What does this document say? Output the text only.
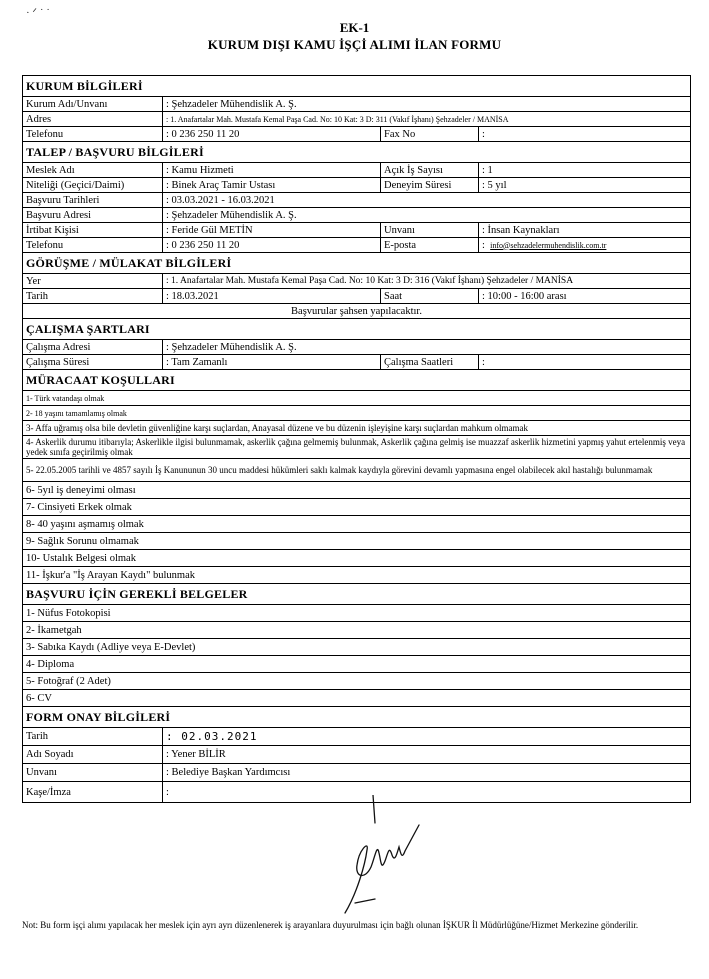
· ᐟ ˙ ˙
EK-1
KURUM DIŞI KAMU İŞÇİ ALIMI İLAN FORMU
KURUM BİLGİLERİ			
Kurum Adı/Unvanı	: Şehzadeler Mühendislik A. Ş.		
Adres	: 1. Anafartalar Mah. Mustafa Kemal Paşa Cad. No: 10 Kat: 3 D: 311 (Vakıf İşhanı) Şehzadeler / MANİSA		
Telefonu	: 0 236 250 11 20	Fax No	:
TALEP / BAŞVURU BİLGİLERİ			
Meslek Adı	: Kamu Hizmeti	Açık İş Sayısı	: 1
Niteliği (Geçici/Daimi)	: Binek Araç Tamir Ustası	Deneyim Süresi	: 5 yıl
Başvuru Tarihleri	: 03.03.2021 - 16.03.2021		
Başvuru Adresi	: Şehzadeler Mühendislik A. Ş.		
İrtibat Kişisi	: Feride Gül METİN	Unvanı	: İnsan Kaynakları
Telefonu	: 0 236 250 11 20	E-posta	: info@sehzadelermuhendislik.com.tr
GÖRÜŞME / MÜLAKAT BİLGİLERİ			
Yer	: 1. Anafartalar Mah. Mustafa Kemal Paşa Cad. No: 10 Kat: 3 D: 316 (Vakıf İşhanı) Şehzadeler / MANİSA		
Tarih	: 18.03.2021	Saat	: 10:00 - 16:00 arası
Başvurular şahsen yapılacaktır.			
ÇALIŞMA ŞARTLARI			
Çalışma Adresi	: Şehzadeler Mühendislik A. Ş.		
Çalışma Süresi	: Tam Zamanlı	Çalışma Saatleri	:
MÜRACAAT KOŞULLARI			
1- Türk vatandaşı olmak			
2- 18 yaşını tamamlamış olmak			
3- Affa uğramış olsa bile devletin güvenliğine karşı suçlardan, Anayasal düzene ve bu düzenin işleyişine karşı suçlardan mahkum olmamak			
4- Askerlik durumu itibarıyla; Askerlikle ilgisi bulunmamak, askerlik çağına gelmemiş bulunmak, Askerlik çağına gelmiş ise muazzaf askerlik hizmetini yapmış yahut ertelenmiş veya yedek sınıfa geçirilmiş olmak			
5- 22.05.2005 tarihli ve 4857 sayılı İş Kanununun 30 uncu maddesi hükümleri saklı kalmak kaydıyla görevini devamlı yapmasına engel olabilecek akıl hastalığı bulunmamak			
6- 5yıl iş deneyimi olması			
7- Cinsiyeti Erkek olmak			
8- 40 yaşını aşmamış olmak			
9- Sağlık Sorunu olmamak			
10- Ustalık Belgesi olmak			
11- İşkur'a "İş Arayan Kaydı" bulunmak			
BAŞVURU İÇİN GEREKLİ BELGELER			
1- Nüfus Fotokopisi			
2- İkametgah			
3- Sabıka Kaydı (Adliye veya E-Devlet)			
4- Diploma			
5- Fotoğraf (2 Adet)			
6- CV			
FORM ONAY BİLGİLERİ			
Tarih	: 02.03.2021		
Adı Soyadı	: Yener BİLİR		
Unvanı	: Belediye Başkan Yardımcısı		
Kaşe/İmza	:		
Not: Bu form işçi alımı yapılacak her meslek için ayrı ayrı düzenlenerek iş arayanlara duyurulması için bağlı olunan İŞKUR İl Müdürlüğüne/Hizmet Merkezine gönderilir.
